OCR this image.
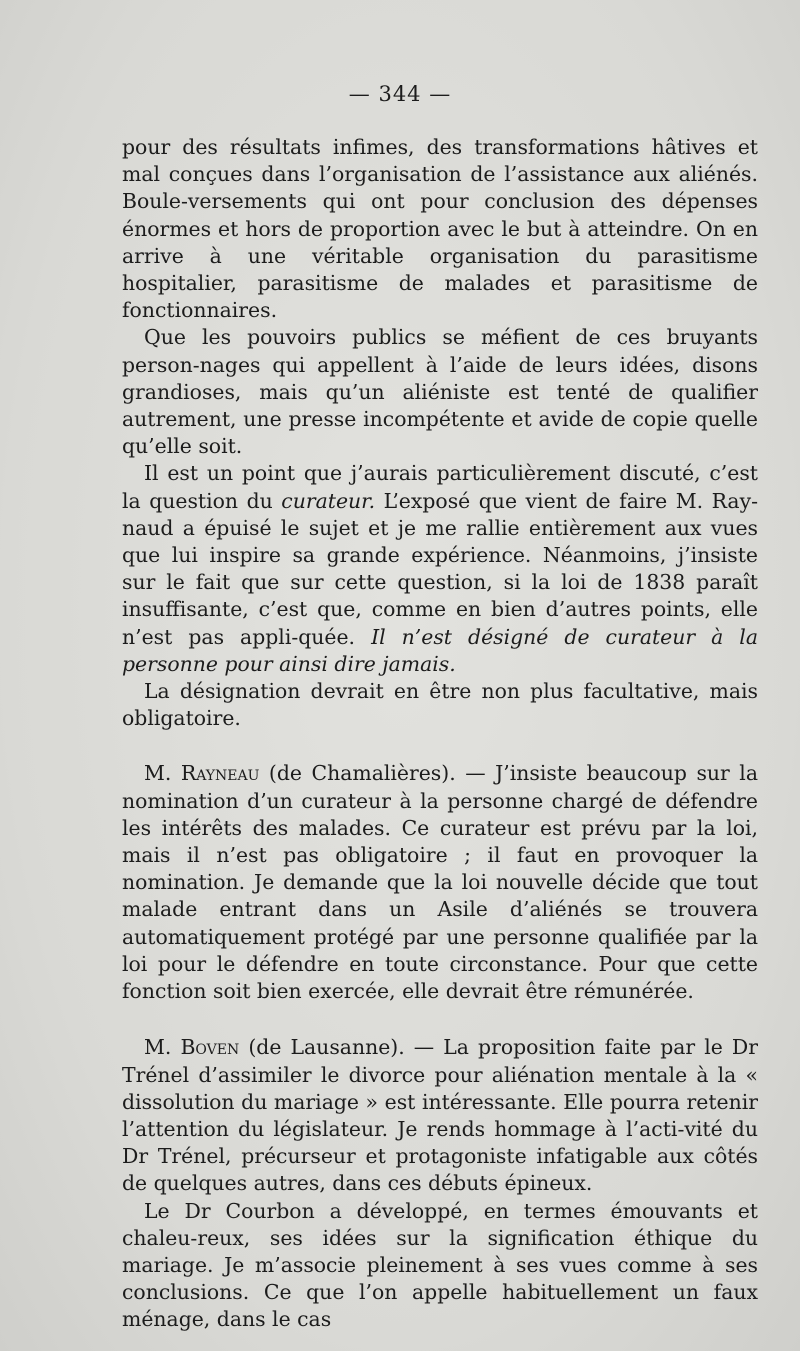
— 344 —

pour des résultats infimes, des transformations hâtives et mal conçues dans l’organisation de l’assistance aux aliénés. Boule-versements qui ont pour conclusion des dépenses énormes et hors de proportion avec le but à atteindre. On en arrive à une véritable organisation du parasitisme hospitalier, parasitisme de malades et parasitisme de fonctionnaires.

Que les pouvoirs publics se méfient de ces bruyants person-nages qui appellent à l’aide de leurs idées, disons grandioses, mais qu’un aliéniste est tenté de qualifier autrement, une presse incompétente et avide de copie quelle qu’elle soit.

Il est un point que j’aurais particulièrement discuté, c’est la question du curateur. L’exposé que vient de faire M. Ray-naud a épuisé le sujet et je me rallie entièrement aux vues que lui inspire sa grande expérience. Néanmoins, j’insiste sur le fait que sur cette question, si la loi de 1838 paraît insuffisante, c’est que, comme en bien d’autres points, elle n’est pas appli-quée. Il n’est désigné de curateur à la personne pour ainsi dire jamais.

La désignation devrait en être non plus facultative, mais obligatoire.

M. Rayneau (de Chamalières). — J’insiste beaucoup sur la nomination d’un curateur à la personne chargé de défendre les intérêts des malades. Ce curateur est prévu par la loi, mais il n’est pas obligatoire ; il faut en provoquer la nomination. Je demande que la loi nouvelle décide que tout malade entrant dans un Asile d’aliénés se trouvera automatiquement protégé par une personne qualifiée par la loi pour le défendre en toute circonstance. Pour que cette fonction soit bien exercée, elle devrait être rémunérée.

M. Boven (de Lausanne). — La proposition faite par le Dr Trénel d’assimiler le divorce pour aliénation mentale à la « dissolution du mariage » est intéressante. Elle pourra retenir l’attention du législateur. Je rends hommage à l’acti-vité du Dr Trénel, précurseur et protagoniste infatigable aux côtés de quelques autres, dans ces débuts épineux.

Le Dr Courbon a développé, en termes émouvants et chaleu-reux, ses idées sur la signification éthique du mariage. Je m’associe pleinement à ses vues comme à ses conclusions. Ce que l’on appelle habituellement un faux ménage, dans le cas
